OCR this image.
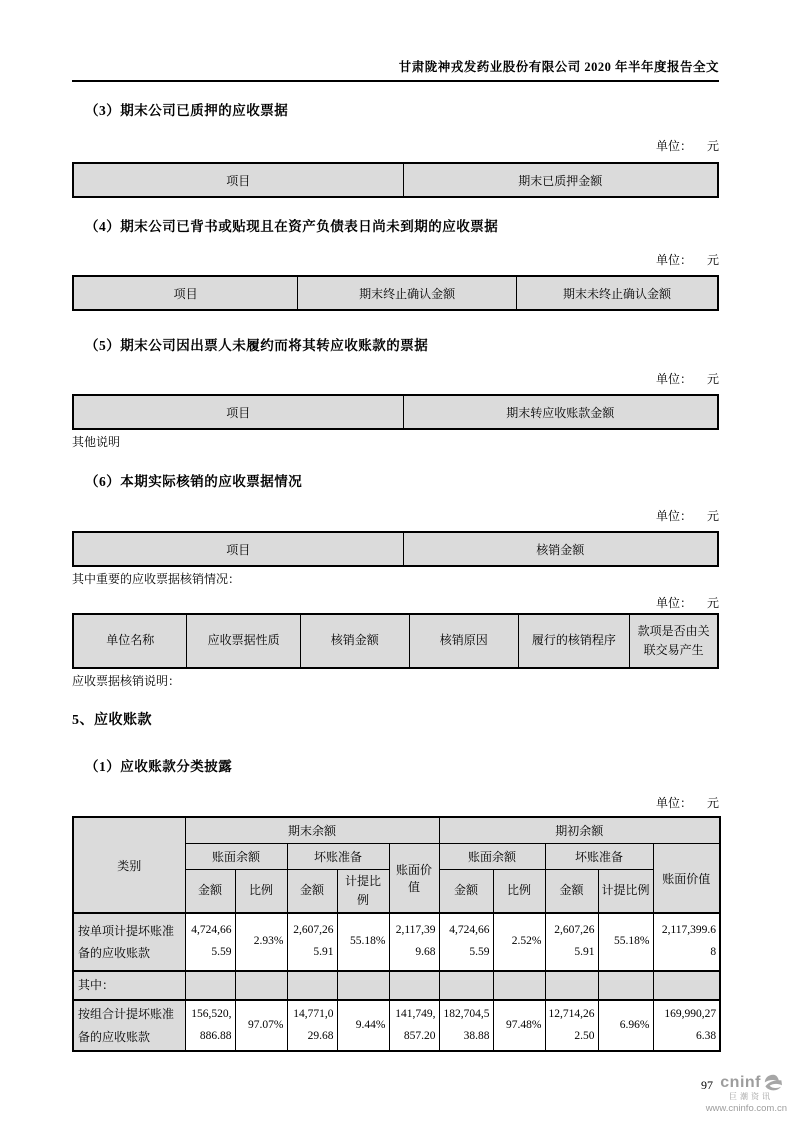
甘肃陇神戎发药业股份有限公司 2020 年半年度报告全文
（3）期末公司已质押的应收票据
单位： 元
项目	期末已质押金额
（4）期末公司已背书或贴现且在资产负债表日尚未到期的应收票据
单位： 元
项目	期末终止确认金额	期末未终止确认金额
（5）期末公司因出票人未履约而将其转应收账款的票据
单位： 元
项目	期末转应收账款金额
其他说明
（6）本期实际核销的应收票据情况
单位： 元
项目	核销金额
其中重要的应收票据核销情况：
单位： 元
单位名称	应收票据性质	核销金额	核销原因	履行的核销程序	款项是否由关联交易产生
应收票据核销说明：
5、应收账款
（1）应收账款分类披露
单位： 元
类别	期末余额					期初余额				
	账面余额		坏账准备		账面价值	账面余额		坏账准备		账面价值
	金额	比例	金额	计提比例		金额	比例	金额	计提比例	
按单项计提坏账准备的应收账款	4,724,665.59	2.93%	2,607,265.91	55.18%	2,117,399.68	4,724,665.59	2.52%	2,607,265.91	55.18%	2,117,399.68
其中：										
按组合计提坏账准备的应收账款	156,520,886.88	97.07%	14,771,029.68	9.44%	141,749,857.20	182,704,538.88	97.48%	12,714,262.50	6.96%	169,990,276.38
97 cninf
巨潮资讯
www.cninfo.com.cn
